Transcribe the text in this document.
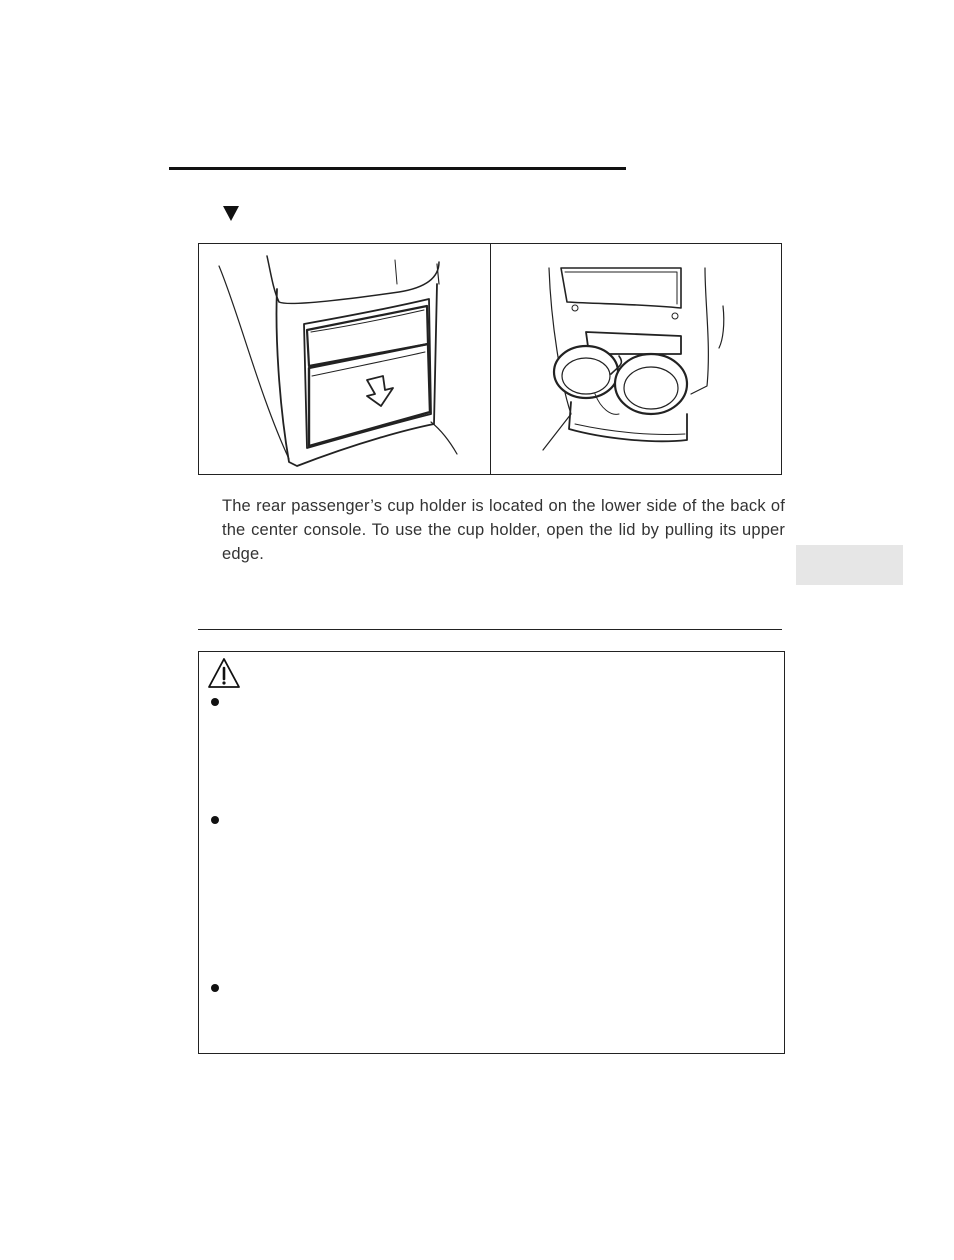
The rear passenger’s cup holder is located on the lower side of the back of the center console. To use the cup holder, open the lid by pulling its upper edge.
